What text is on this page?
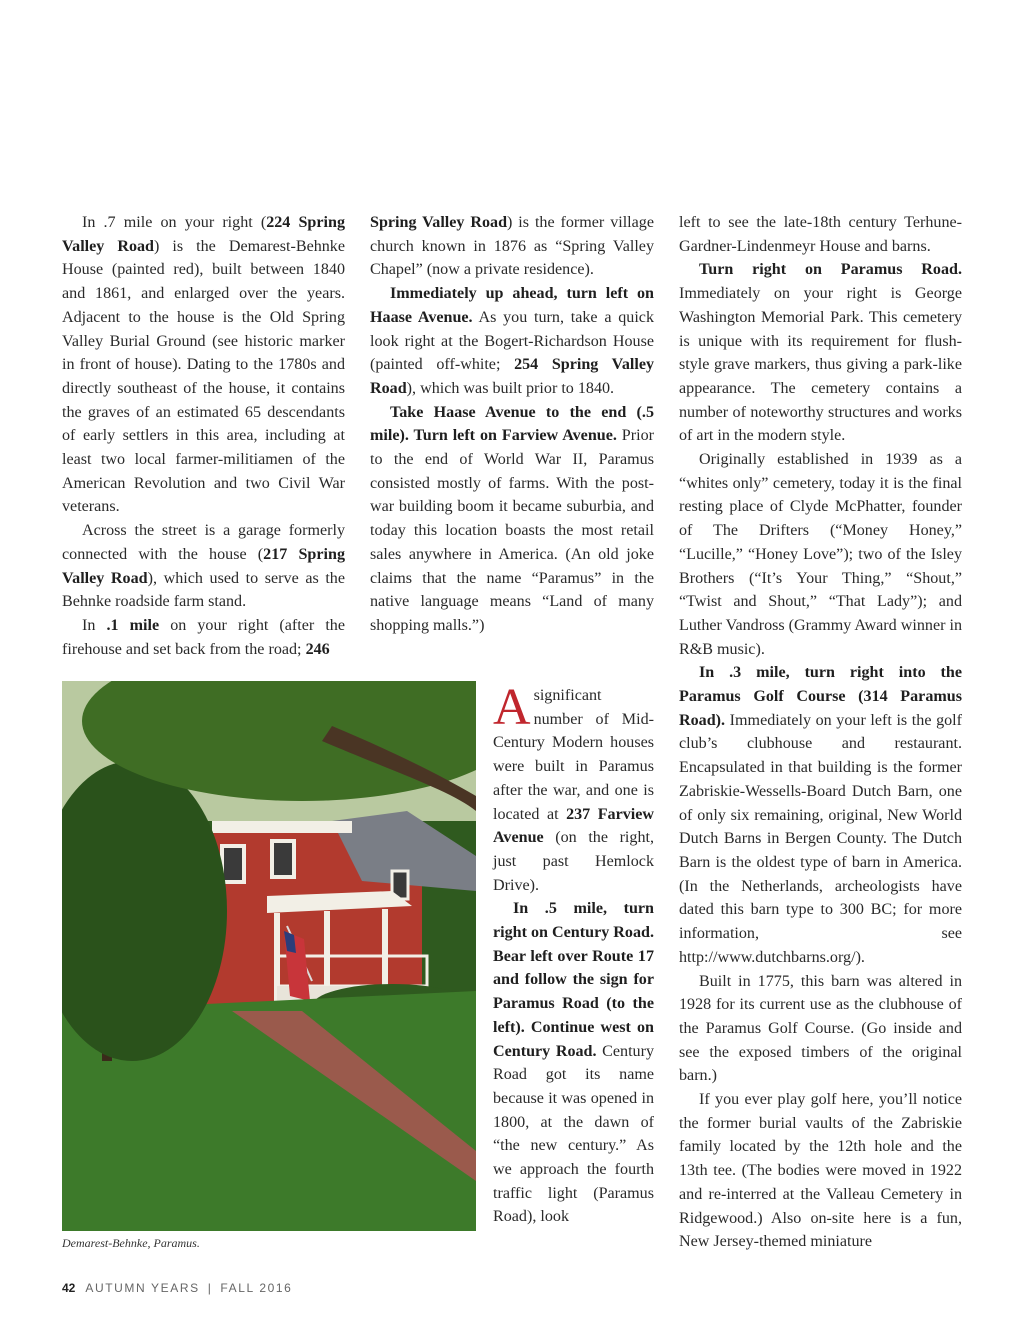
In .7 mile on your right (224 Spring Valley Road) is the Demarest-Behnke House (painted red), built between 1840 and 1861, and enlarged over the years. Adjacent to the house is the Old Spring Valley Burial Ground (see historic marker in front of house). Dating to the 1780s and directly southeast of the house, it contains the graves of an estimated 65 descendants of early settlers in this area, including at least two local farmer-militiamen of the American Revolution and two Civil War veterans.

Across the street is a garage formerly connected with the house (217 Spring Valley Road), which used to serve as the Behnke roadside farm stand.

In .1 mile on your right (after the firehouse and set back from the road; 246

Spring Valley Road) is the former village church known in 1876 as “Spring Valley Chapel” (now a private residence).

Immediately up ahead, turn left on Haase Avenue. As you turn, take a quick look right at the Bogert-Richardson House (painted off-white; 254 Spring Valley Road), which was built prior to 1840.

Take Haase Avenue to the end (.5 mile). Turn left on Farview Avenue. Prior to the end of World War II, Paramus consisted mostly of farms. With the post-war building boom it became suburbia, and today this location boasts the most retail sales anywhere in America. (An old joke claims that the name “Paramus” in the native language means “Land of many shopping malls.”)

Demarest-Behnke, Paramus.

Asignificant number of Mid-Century Modern houses were built in Paramus after the war, and one is located at 237 Farview Avenue (on the right, just past Hemlock Drive).

In .5 mile, turn right on Century Road. Bear left over Route 17 and follow the sign for Paramus Road (to the left). Continue west on Century Road. Century Road got its name because it was opened in 1800, at the dawn of “the new century.” As we approach the fourth traffic light (Paramus Road), look

left to see the late-18th century Terhune-Gardner-Lindenmeyr House and barns.

Turn right on Paramus Road. Immediately on your right is George Washington Memorial Park. This cemetery is unique with its requirement for flush-style grave markers, thus giving a park-like appearance. The cemetery contains a number of noteworthy structures and works of art in the modern style.

Originally established in 1939 as a “whites only” cemetery, today it is the final resting place of Clyde McPhatter, founder of The Drifters (“Money Honey,” “Lucille,” “Honey Love”); two of the Isley Brothers (“It’s Your Thing,” “Shout,” “Twist and Shout,” “That Lady”); and Luther Vandross (Grammy Award winner in R&B music).

In .3 mile, turn right into the Paramus Golf Course (314 Paramus Road). Immediately on your left is the golf club’s clubhouse and restaurant. Encapsulated in that building is the former Zabriskie-Wessells-Board Dutch Barn, one of only six remaining, original, New World Dutch Barns in Bergen County. The Dutch Barn is the oldest type of barn in America. (In the Netherlands, archeologists have dated this barn type to 300 BC; for more information, see http://www.dutchbarns.org/).

Built in 1775, this barn was altered in 1928 for its current use as the clubhouse of the Paramus Golf Course. (Go inside and see the exposed timbers of the original barn.)

If you ever play golf here, you’ll notice the former burial vaults of the Zabriskie family located by the 12th hole and the 13th tee. (The bodies were moved in 1922 and re-interred at the Valleau Cemetery in Ridgewood.) Also on-site here is a fun, New Jersey-themed miniature

42 AUTUMN YEARS | FALL 2016
